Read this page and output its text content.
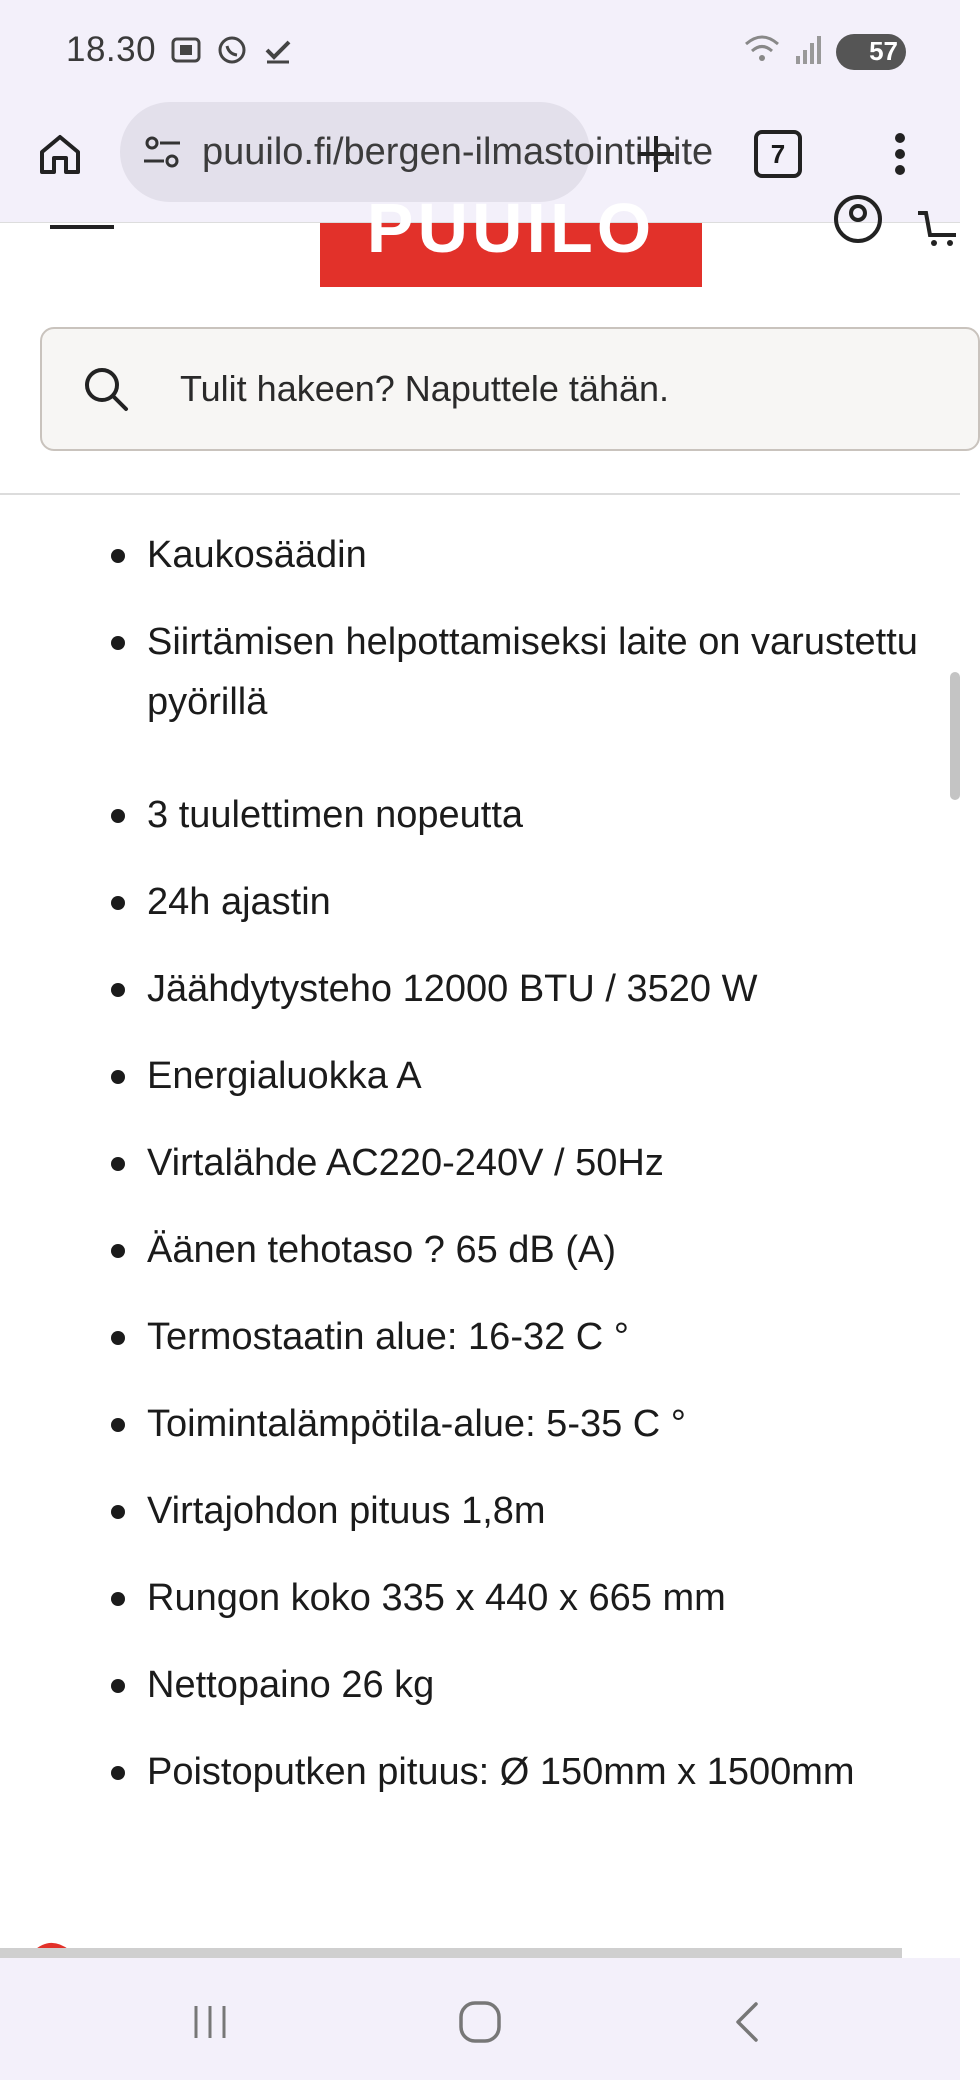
18.30	57
puuilo.fi/bergen-ilmastointilaite	7
PUUILO
Tulit hakeen? Naputtele tähän.
Kaukosäädin
Siirtämisen helpottamiseksi laite on varustettu pyörillä
3 tuulettimen nopeutta
24h ajastin
Jäähdytysteho 12000 BTU / 3520 W
Energialuokka A
Virtalähde AC220-240V / 50Hz
Äänen tehotaso ? 65 dB (A)
Termostaatin alue: 16-32 C °
Toimintalämpötila-alue: 5-35 C °
Virtajohdon pituus 1,8m
Rungon koko 335 x 440 x 665 mm
Nettopaino 26 kg
Poistoputken pituus: Ø 150mm x 1500mm
